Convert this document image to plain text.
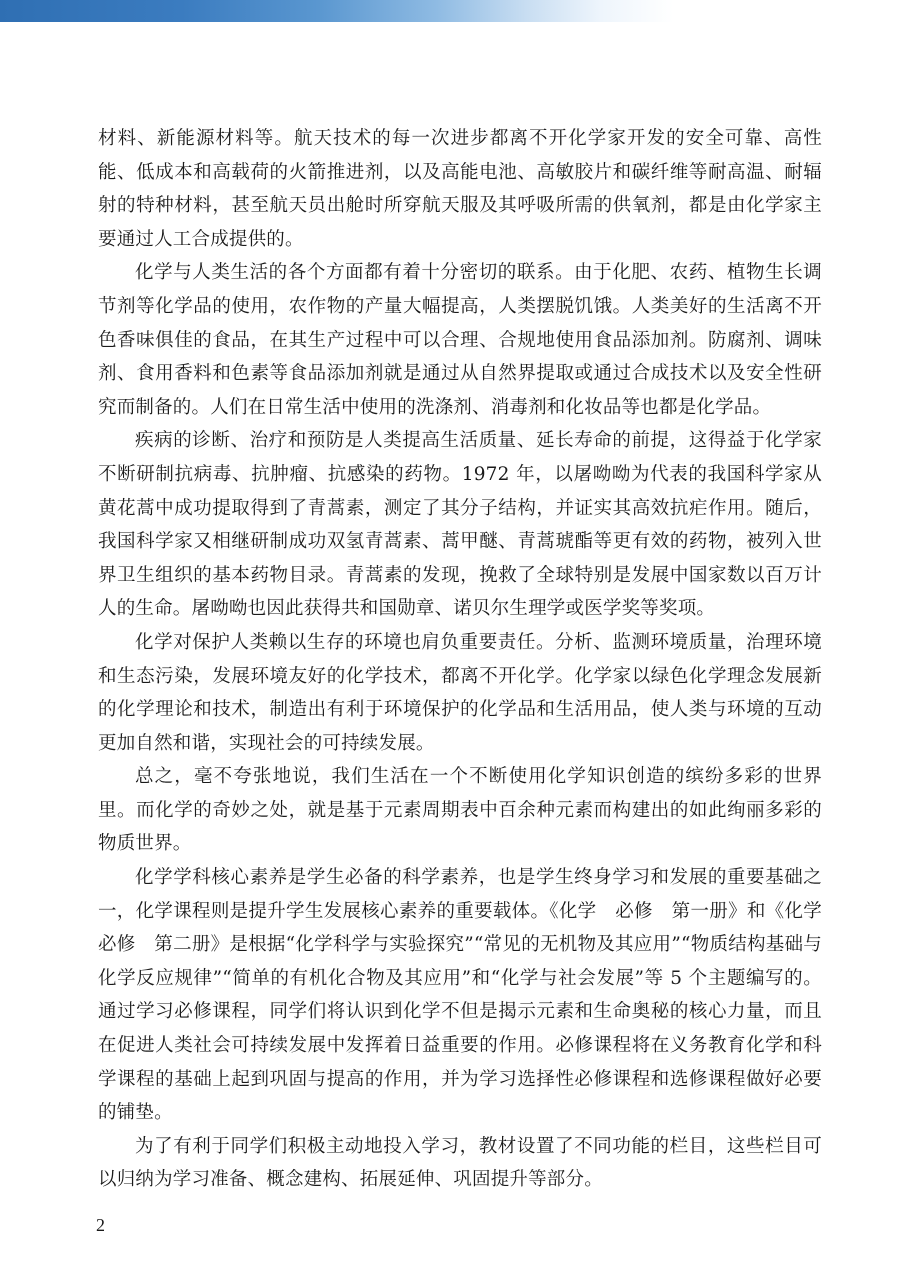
材料、新能源材料等。航天技术的每一次进步都离不开化学家开发的安全可靠、高性能、低成本和高载荷的火箭推进剂，以及高能电池、高敏胶片和碳纤维等耐高温、耐辐射的特种材料，甚至航天员出舱时所穿航天服及其呼吸所需的供氧剂，都是由化学家主要通过人工合成提供的。

化学与人类生活的各个方面都有着十分密切的联系。由于化肥、农药、植物生长调节剂等化学品的使用，农作物的产量大幅提高，人类摆脱饥饿。人类美好的生活离不开色香味俱佳的食品，在其生产过程中可以合理、合规地使用食品添加剂。防腐剂、调味剂、食用香料和色素等食品添加剂就是通过从自然界提取或通过合成技术以及安全性研究而制备的。人们在日常生活中使用的洗涤剂、消毒剂和化妆品等也都是化学品。

疾病的诊断、治疗和预防是人类提高生活质量、延长寿命的前提，这得益于化学家不断研制抗病毒、抗肿瘤、抗感染的药物。1972 年，以屠呦呦为代表的我国科学家从黄花蒿中成功提取得到了青蒿素，测定了其分子结构，并证实其高效抗疟作用。随后，我国科学家又相继研制成功双氢青蒿素、蒿甲醚、青蒿琥酯等更有效的药物，被列入世界卫生组织的基本药物目录。青蒿素的发现，挽救了全球特别是发展中国家数以百万计人的生命。屠呦呦也因此获得共和国勋章、诺贝尔生理学或医学奖等奖项。

化学对保护人类赖以生存的环境也肩负重要责任。分析、监测环境质量，治理环境和生态污染，发展环境友好的化学技术，都离不开化学。化学家以绿色化学理念发展新的化学理论和技术，制造出有利于环境保护的化学品和生活用品，使人类与环境的互动更加自然和谐，实现社会的可持续发展。

总之，毫不夸张地说，我们生活在一个不断使用化学知识创造的缤纷多彩的世界里。而化学的奇妙之处，就是基于元素周期表中百余种元素而构建出的如此绚丽多彩的物质世界。

化学学科核心素养是学生必备的科学素养，也是学生终身学习和发展的重要基础之一，化学课程则是提升学生发展核心素养的重要载体。《化学　必修　第一册》和《化学　必修　第二册》是根据“化学科学与实验探究”“常见的无机物及其应用”“物质结构基础与化学反应规律”“简单的有机化合物及其应用”和“化学与社会发展”等 5 个主题编写的。通过学习必修课程，同学们将认识到化学不但是揭示元素和生命奥秘的核心力量，而且在促进人类社会可持续发展中发挥着日益重要的作用。必修课程将在义务教育化学和科学课程的基础上起到巩固与提高的作用，并为学习选择性必修课程和选修课程做好必要的铺垫。

为了有利于同学们积极主动地投入学习，教材设置了不同功能的栏目，这些栏目可以归纳为学习准备、概念建构、拓展延伸、巩固提升等部分。

2
